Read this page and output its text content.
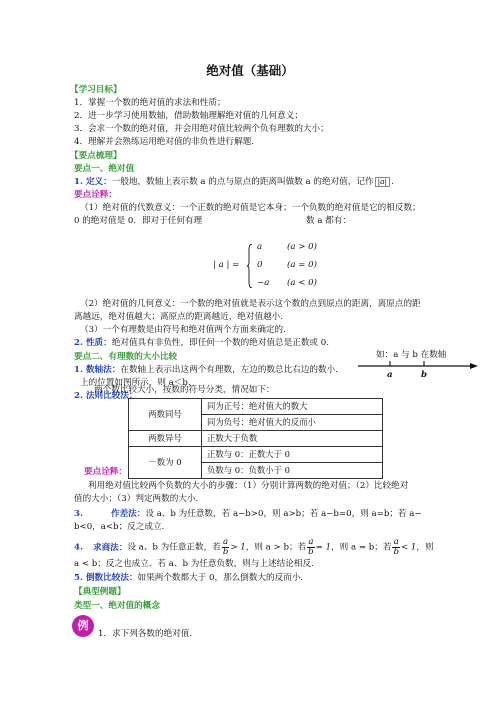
绝对值（基础）
【学习目标】
1．掌握一个数的绝对值的求法和性质；
2．进一步学习使用数轴，借助数轴理解绝对值的几何意义；
3．会求一个数的绝对值，并会用绝对值比较两个负有理数的大小；
4．理解并会熟练运用绝对值的非负性进行解题.
【要点梳理】
要点一、绝对值
1. 定义：一般地，数轴上表示数 a 的点与原点的距离叫做数 a 的绝对值，记作 |a| .
要点诠释：
（1）绝对值的代数意义：一个正数的绝对值是它本身；一个负数的绝对值是它的相反数；
0 的绝对值是 0．即对于任何有理	数 a 都有：
| a | =
a
0
−a
(a > 0)
(a = 0)
(a < 0)
（2）绝对值的几何意义：一个数的绝对值就是表示这个数的点到原点的距离，离原点的距
离越远，绝对值越大；离原点的距离越近，绝对值越小.
（3）一个有理数是由符号和绝对值两个方面来确定的.
2. 性质：绝对值具有非负性，即任何一个数的绝对值总是正数或 0.
要点二、有理数的大小比较
1. 数轴法：在数轴上表示出这两个有理数，左边的数总比右边的数小.
上的位置如图所示，则 a＜b.
如：a 与 b 在数轴
a	b
2. 法则比较法：
两个数比较大小，按数的符号分类，情况如下：
两数同号	同为正号：绝对值大的数大
	同为负号：绝对值大的反而小
两数异号	正数大于负数
－数为 0	正数与 0：正数大于 0
	负数与 0：负数小于 0
要点诠释：
利用绝对值比较两个负数的大小的步骤：（1）分别计算两数的绝对值；（2）比较绝对
值的大小；（3）判定两数的大小.
3.	作差法：设 a、b 为任意数，若 a−b>0，则 a>b；若 a−b=0，则 a=b；若 a−
b<0，a<b；反之成立.
4. 求商法：设 a、b 为任意正数，若 $\frac{a}{b} > 1$，则 a > b；若 $\frac{a}{b} = 1$，则 a = b；若 $\frac{a}{b} < 1$，则
a < b；反之也成立．若 a、b 为任意负数，则与上述结论相反.
5. 倒数比较法：如果两个数都大于 0，那么倒数大的反而小.
【典型例题】
类型一、绝对值的概念
例
1．求下列各数的绝对值.
